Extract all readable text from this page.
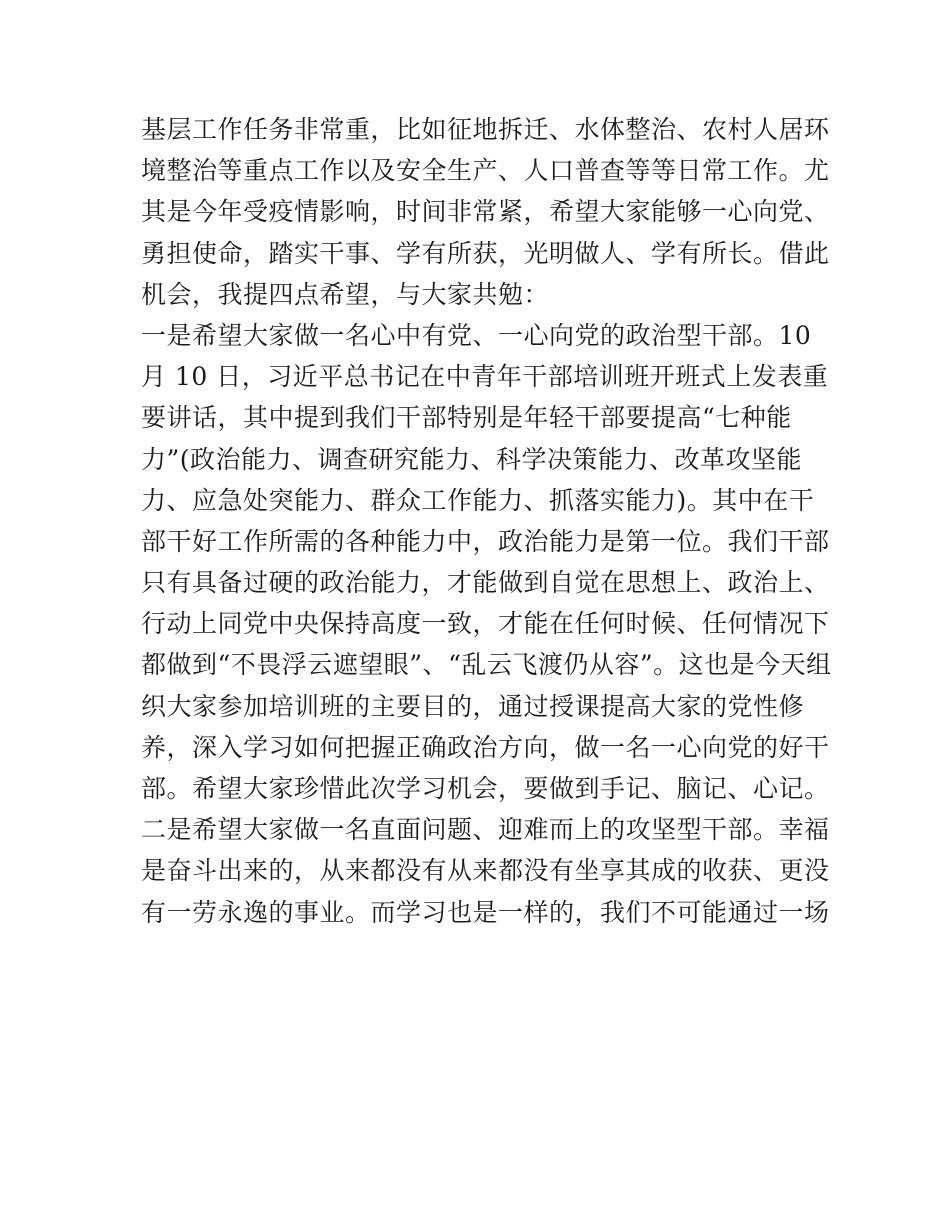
基层工作任务非常重，比如征地拆迁、水体整治、农村人居环
境整治等重点工作以及安全生产、人口普查等等日常工作。尤
其是今年受疫情影响，时间非常紧，希望大家能够一心向党、
勇担使命，踏实干事、学有所获，光明做人、学有所长。借此
机会，我提四点希望，与大家共勉：
一是希望大家做一名心中有党、一心向党的政治型干部。10
月 10 日，习近平总书记在中青年干部培训班开班式上发表重
要讲话，其中提到我们干部特别是年轻干部要提高“七种能
力”(政治能力、调查研究能力、科学决策能力、改革攻坚能
力、应急处突能力、群众工作能力、抓落实能力)。其中在干
部干好工作所需的各种能力中，政治能力是第一位。我们干部
只有具备过硬的政治能力，才能做到自觉在思想上、政治上、
行动上同党中央保持高度一致，才能在任何时候、任何情况下
都做到“不畏浮云遮望眼”、“乱云飞渡仍从容”。这也是今天组
织大家参加培训班的主要目的，通过授课提高大家的党性修
养，深入学习如何把握正确政治方向，做一名一心向党的好干
部。希望大家珍惜此次学习机会，要做到手记、脑记、心记。
二是希望大家做一名直面问题、迎难而上的攻坚型干部。幸福
是奋斗出来的，从来都没有从来都没有坐享其成的收获、更没
有一劳永逸的事业。而学习也是一样的，我们不可能通过一场
